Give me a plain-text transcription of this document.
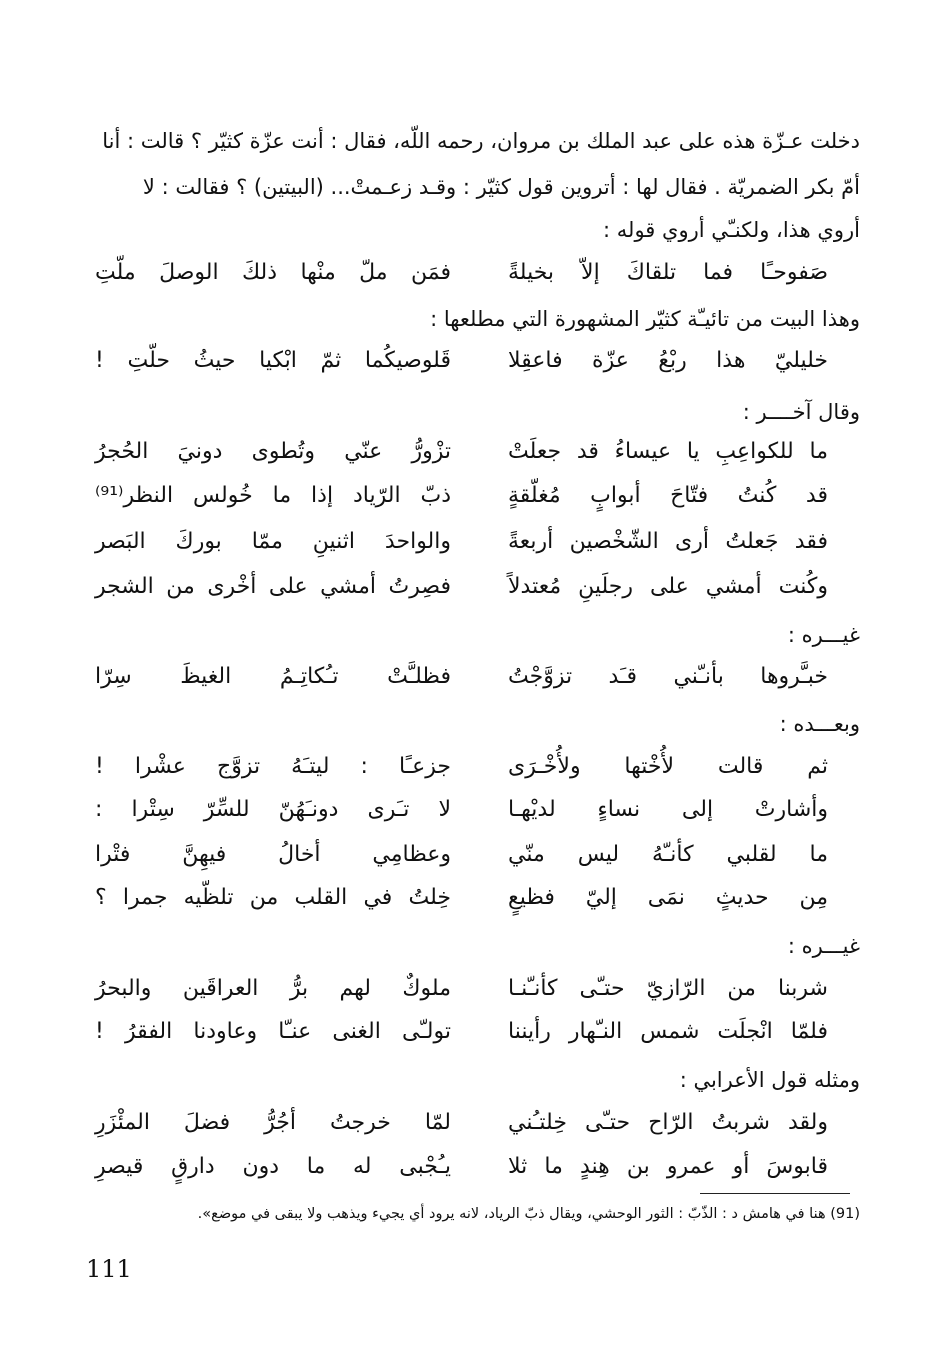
دخلت عـزّة هذه على عبد الملك بن مروان، رحمه اللّه، فقال : أنت عزّة كثيّر ؟ قالت : أنا
أمّ بكر الضمريّة . فقال لها : أتروين قول كثيّر : وقـد زعـمتْ... (البيتين) ؟ فقالت : لا
أروي هذا، ولكنـّي أروي قوله :
صَفوحـًا فما تلقاكَ إلاّ بخيلةً
فمَن ملّ منْها ذلكَ الوصلَ ملّتِ
وهذا البيت من تائيـّة كثيّر المشهورة التي مطلعها :
خليليّ هذا ربْعُ عزّة فاعقِلا
قَلوصيكُما ثمّ ابْكيا حيثُ حلّتِ !
وقال آخــــر :
ما للكواعِبِ يا عيساءُ قد جعلَتْ
تزْورُّ عنّي وتُطوى دونيَ الحُجرُ
قد كُنتُ فتّاحَ أبوابٍ مُغلّقةٍ
ذبّ الرّياد إذا ما خُولس النظر⁽⁹¹⁾
فقد جَعلتُ أرى الشّخْصين أربعةً
والواحدَ اثنينِ ممّا بوركَ البَصر
وكُنت أمشي على رجلَينِ مُعتدلاً
فصِرتُ أمشي على أخْرى من الشجر
غيـــره :
خبـَّروها بأنـّني قـَد تزوَّجْتُ
فظلـَّتْ تـُكاتِـمُ الغيظَ سِرّا
وبعـــده :
ثم قالت لأُخْتها ولأُخْـرَى
جزعـًا : ليتـَهُ تزوَّج عشْرا !
وأشارتْ إلى نساءٍ لديْهـا
لا تـَرى دونـَهُنّ للسِّرّ سِتْرا :
ما لقلبي كأنـّهُ ليس منّي
وعظامِي أخالُ فيهِنَّ فتْرا
مِن حديثٍ نمَى إليّ فظيعٍ
خِلتُ في القلب من تلظّيه جمرا ؟
غيـــره :
شربنا من الرّازيّ حتـّى كأنـّنـا
ملوكٌ لهم برُّ العراقَين والبحرُ
فلمّا انْجلَت شمس النـّهار رأيننا
تولـّى الغنى عنـّا وعاودنا الفقرُ !
ومثله قول الأعرابي :
ولقد شربتُ الرّاح حتـّى خِلتـُني
لمّا خرجتُ أجُرُّ فضلَ المئْزَرِ
قابوسَ أو عمرو بن هِندٍ ما ثلا
يـُجْبى له ما دون دارقٍ قيصرِ
(91) هنا في هامش د : الذّبّ : الثور الوحشي، ويقال ذبّ الرياد، لانه يرود أي يجيء ويذهب ولا يبقى في موضع».
111
